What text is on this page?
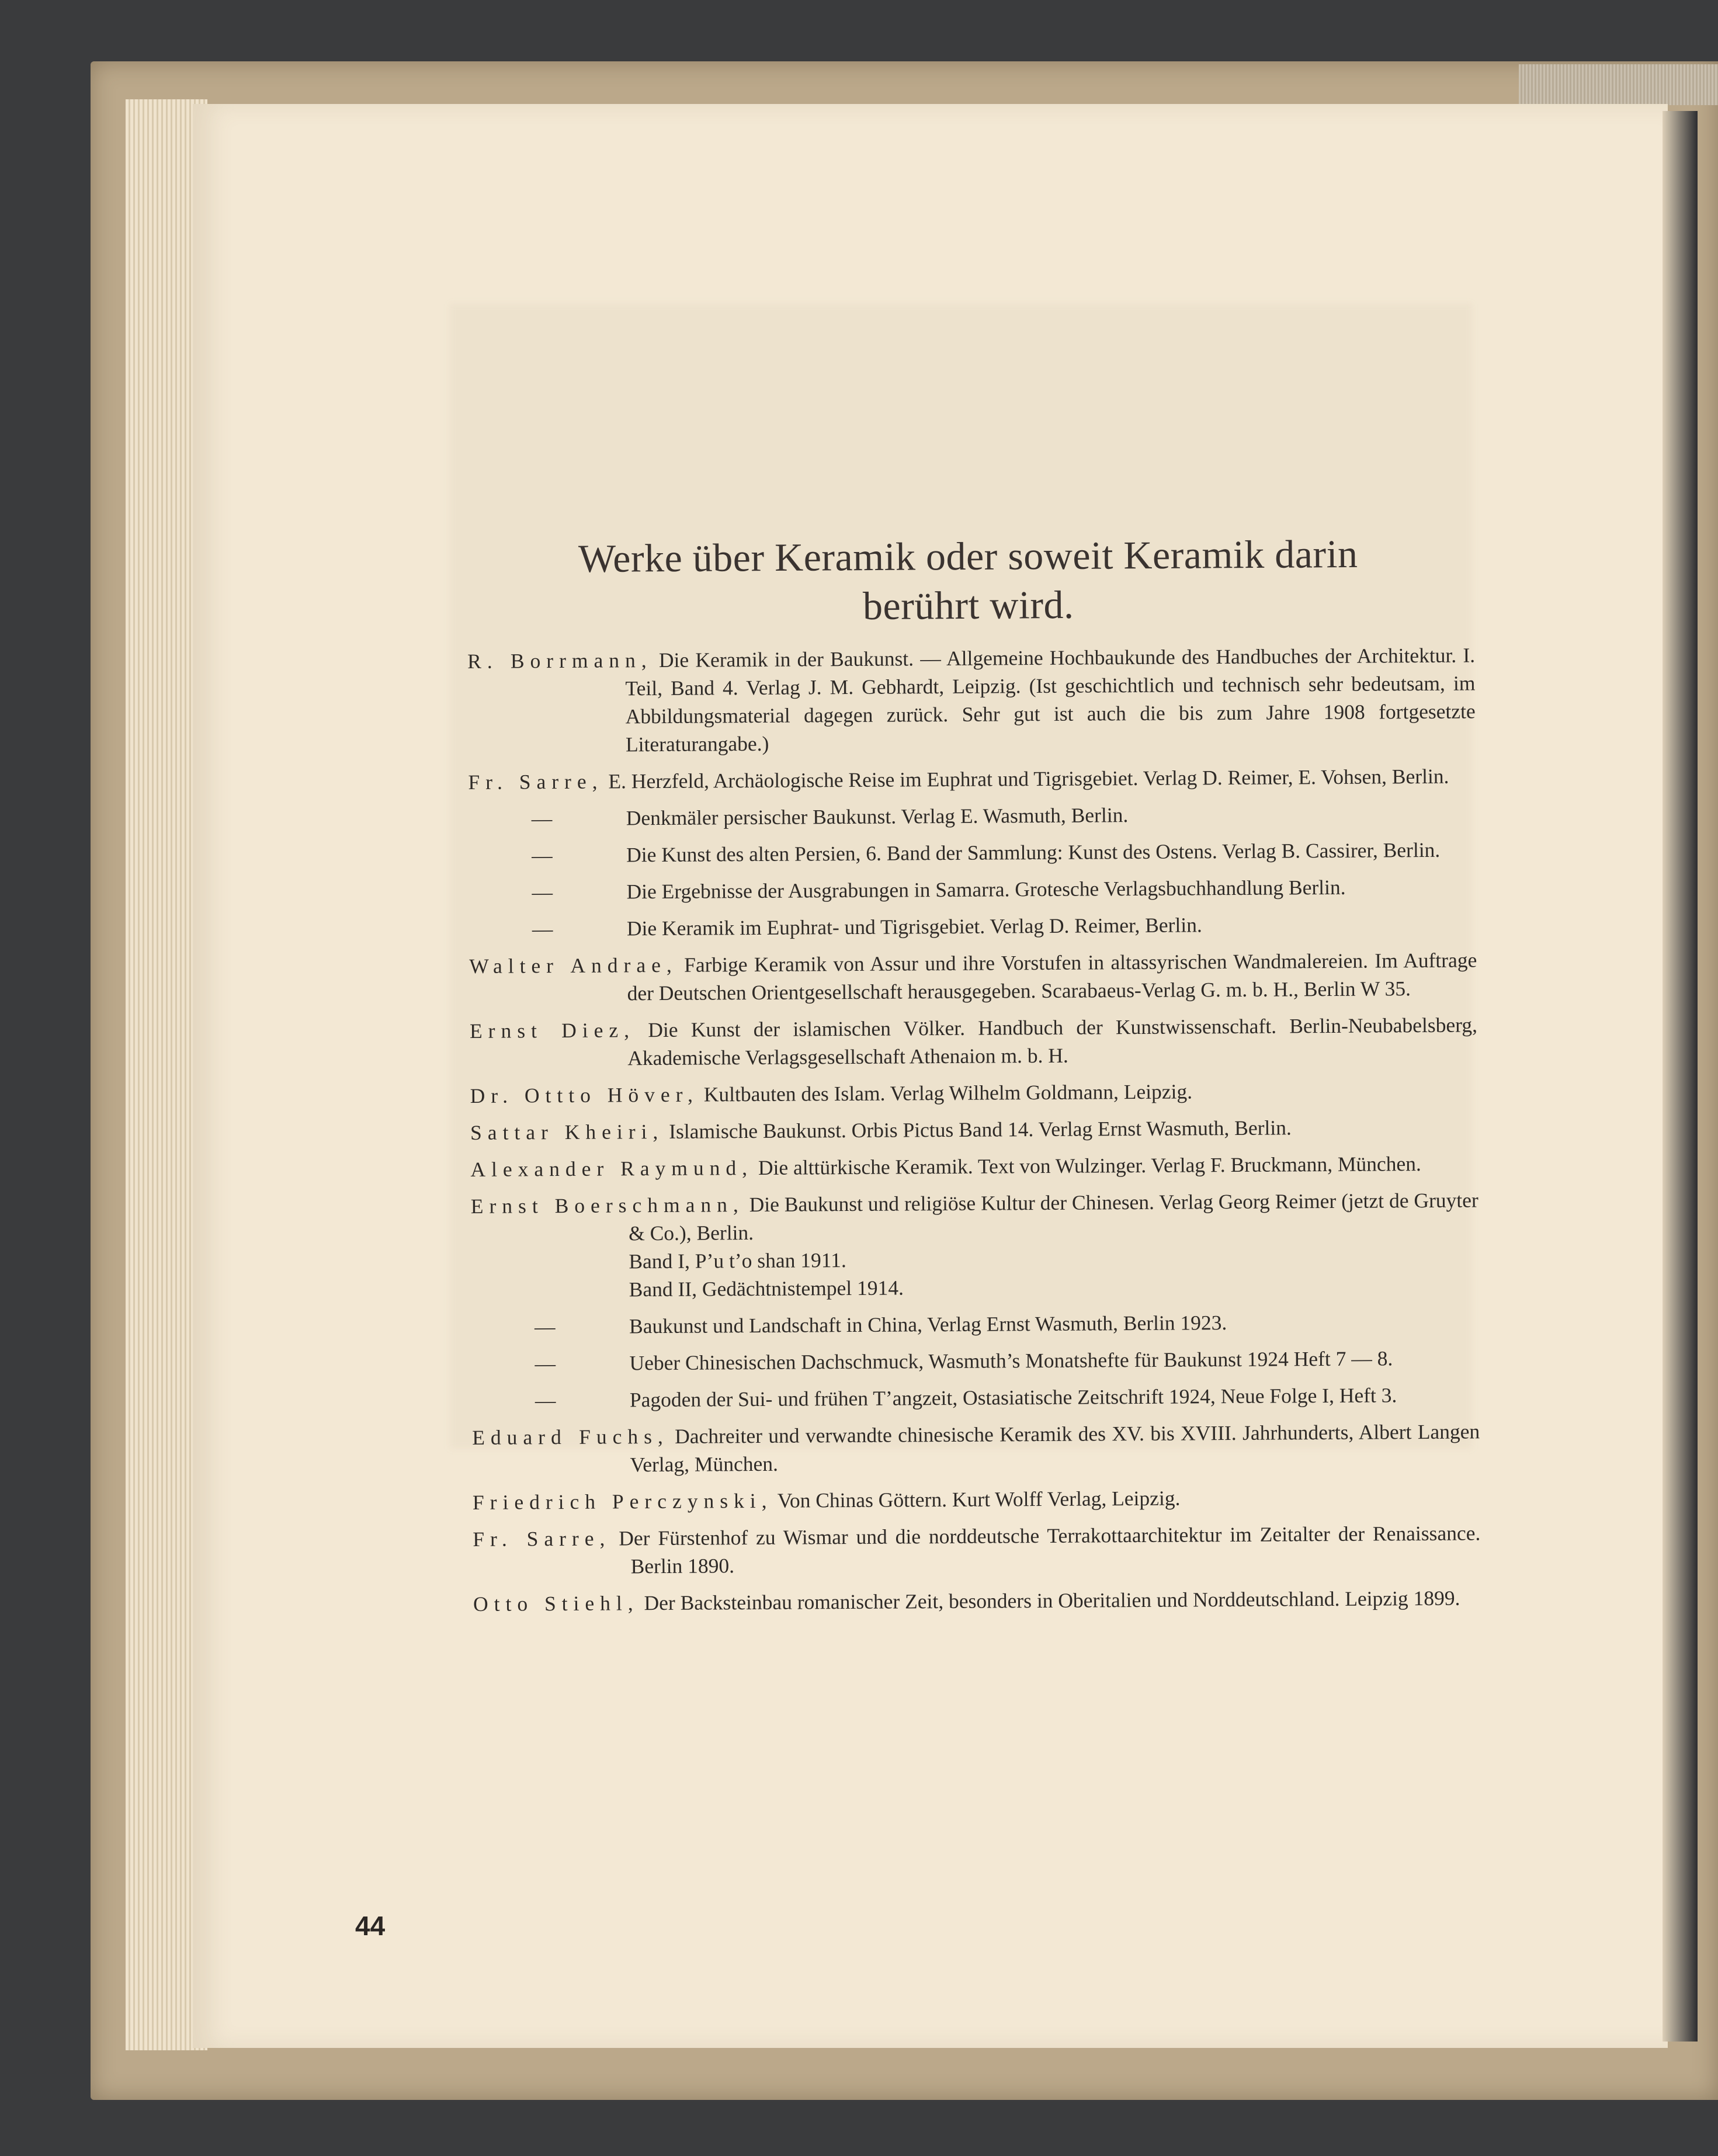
Werke über Keramik oder soweit Keramik darin
berührt wird.
R. Borrmann, Die Keramik in der Baukunst. — Allgemeine Hochbaukunde des Handbuches der Architektur. I. Teil, Band 4. Verlag J. M. Gebhardt, Leipzig. (Ist geschichtlich und technisch sehr bedeutsam, im Abbildungsmaterial dagegen zurück. Sehr gut ist auch die bis zum Jahre 1908 fortgesetzte Literaturangabe.)
Fr. Sarre, E. Herzfeld, Archäologische Reise im Euphrat und Tigrisgebiet. Verlag D. Reimer, E. Vohsen, Berlin.
—	Denkmäler persischer Baukunst. Verlag E. Wasmuth, Berlin.
—	Die Kunst des alten Persien, 6. Band der Sammlung: Kunst des Ostens. Verlag B. Cassirer, Berlin.
—	Die Ergebnisse der Ausgrabungen in Samarra. Grotesche Verlagsbuchhandlung Berlin.
—	Die Keramik im Euphrat- und Tigrisgebiet. Verlag D. Reimer, Berlin.
Walter Andrae, Farbige Keramik von Assur und ihre Vorstufen in altassyrischen Wandmalereien. Im Auftrage der Deutschen Orientgesellschaft herausgegeben. Scarabaeus-Verlag G. m. b. H., Berlin W 35.
Ernst Diez, Die Kunst der islamischen Völker. Handbuch der Kunstwissenschaft. Berlin-Neubabelsberg, Akademische Verlagsgesellschaft Athenaion m. b. H.
Dr. Ottto Höver, Kultbauten des Islam. Verlag Wilhelm Goldmann, Leipzig.
Sattar Kheiri, Islamische Baukunst. Orbis Pictus Band 14. Verlag Ernst Wasmuth, Berlin.
Alexander Raymund, Die alttürkische Keramik. Text von Wulzinger. Verlag F. Bruckmann, München.
Ernst Boerschmann, Die Baukunst und religiöse Kultur der Chinesen. Verlag Georg Reimer (jetzt de Gruyter & Co.), Berlin.
Band I, P’u t’o shan 1911.
Band II, Gedächtnistempel 1914.
—	Baukunst und Landschaft in China, Verlag Ernst Wasmuth, Berlin 1923.
—	Ueber Chinesischen Dachschmuck, Wasmuth’s Monatshefte für Baukunst 1924 Heft 7 — 8.
—	Pagoden der Sui- und frühen T’angzeit, Ostasiatische Zeitschrift 1924, Neue Folge I, Heft 3.
Eduard Fuchs, Dachreiter und verwandte chinesische Keramik des XV. bis XVIII. Jahrhunderts, Albert Langen Verlag, München.
Friedrich Perczynski, Von Chinas Göttern. Kurt Wolff Verlag, Leipzig.
Fr. Sarre, Der Fürstenhof zu Wismar und die norddeutsche Terrakottaarchitektur im Zeitalter der Renaissance. Berlin 1890.
Otto Stiehl, Der Backsteinbau romanischer Zeit, besonders in Oberitalien und Norddeutschland. Leipzig 1899.
44
